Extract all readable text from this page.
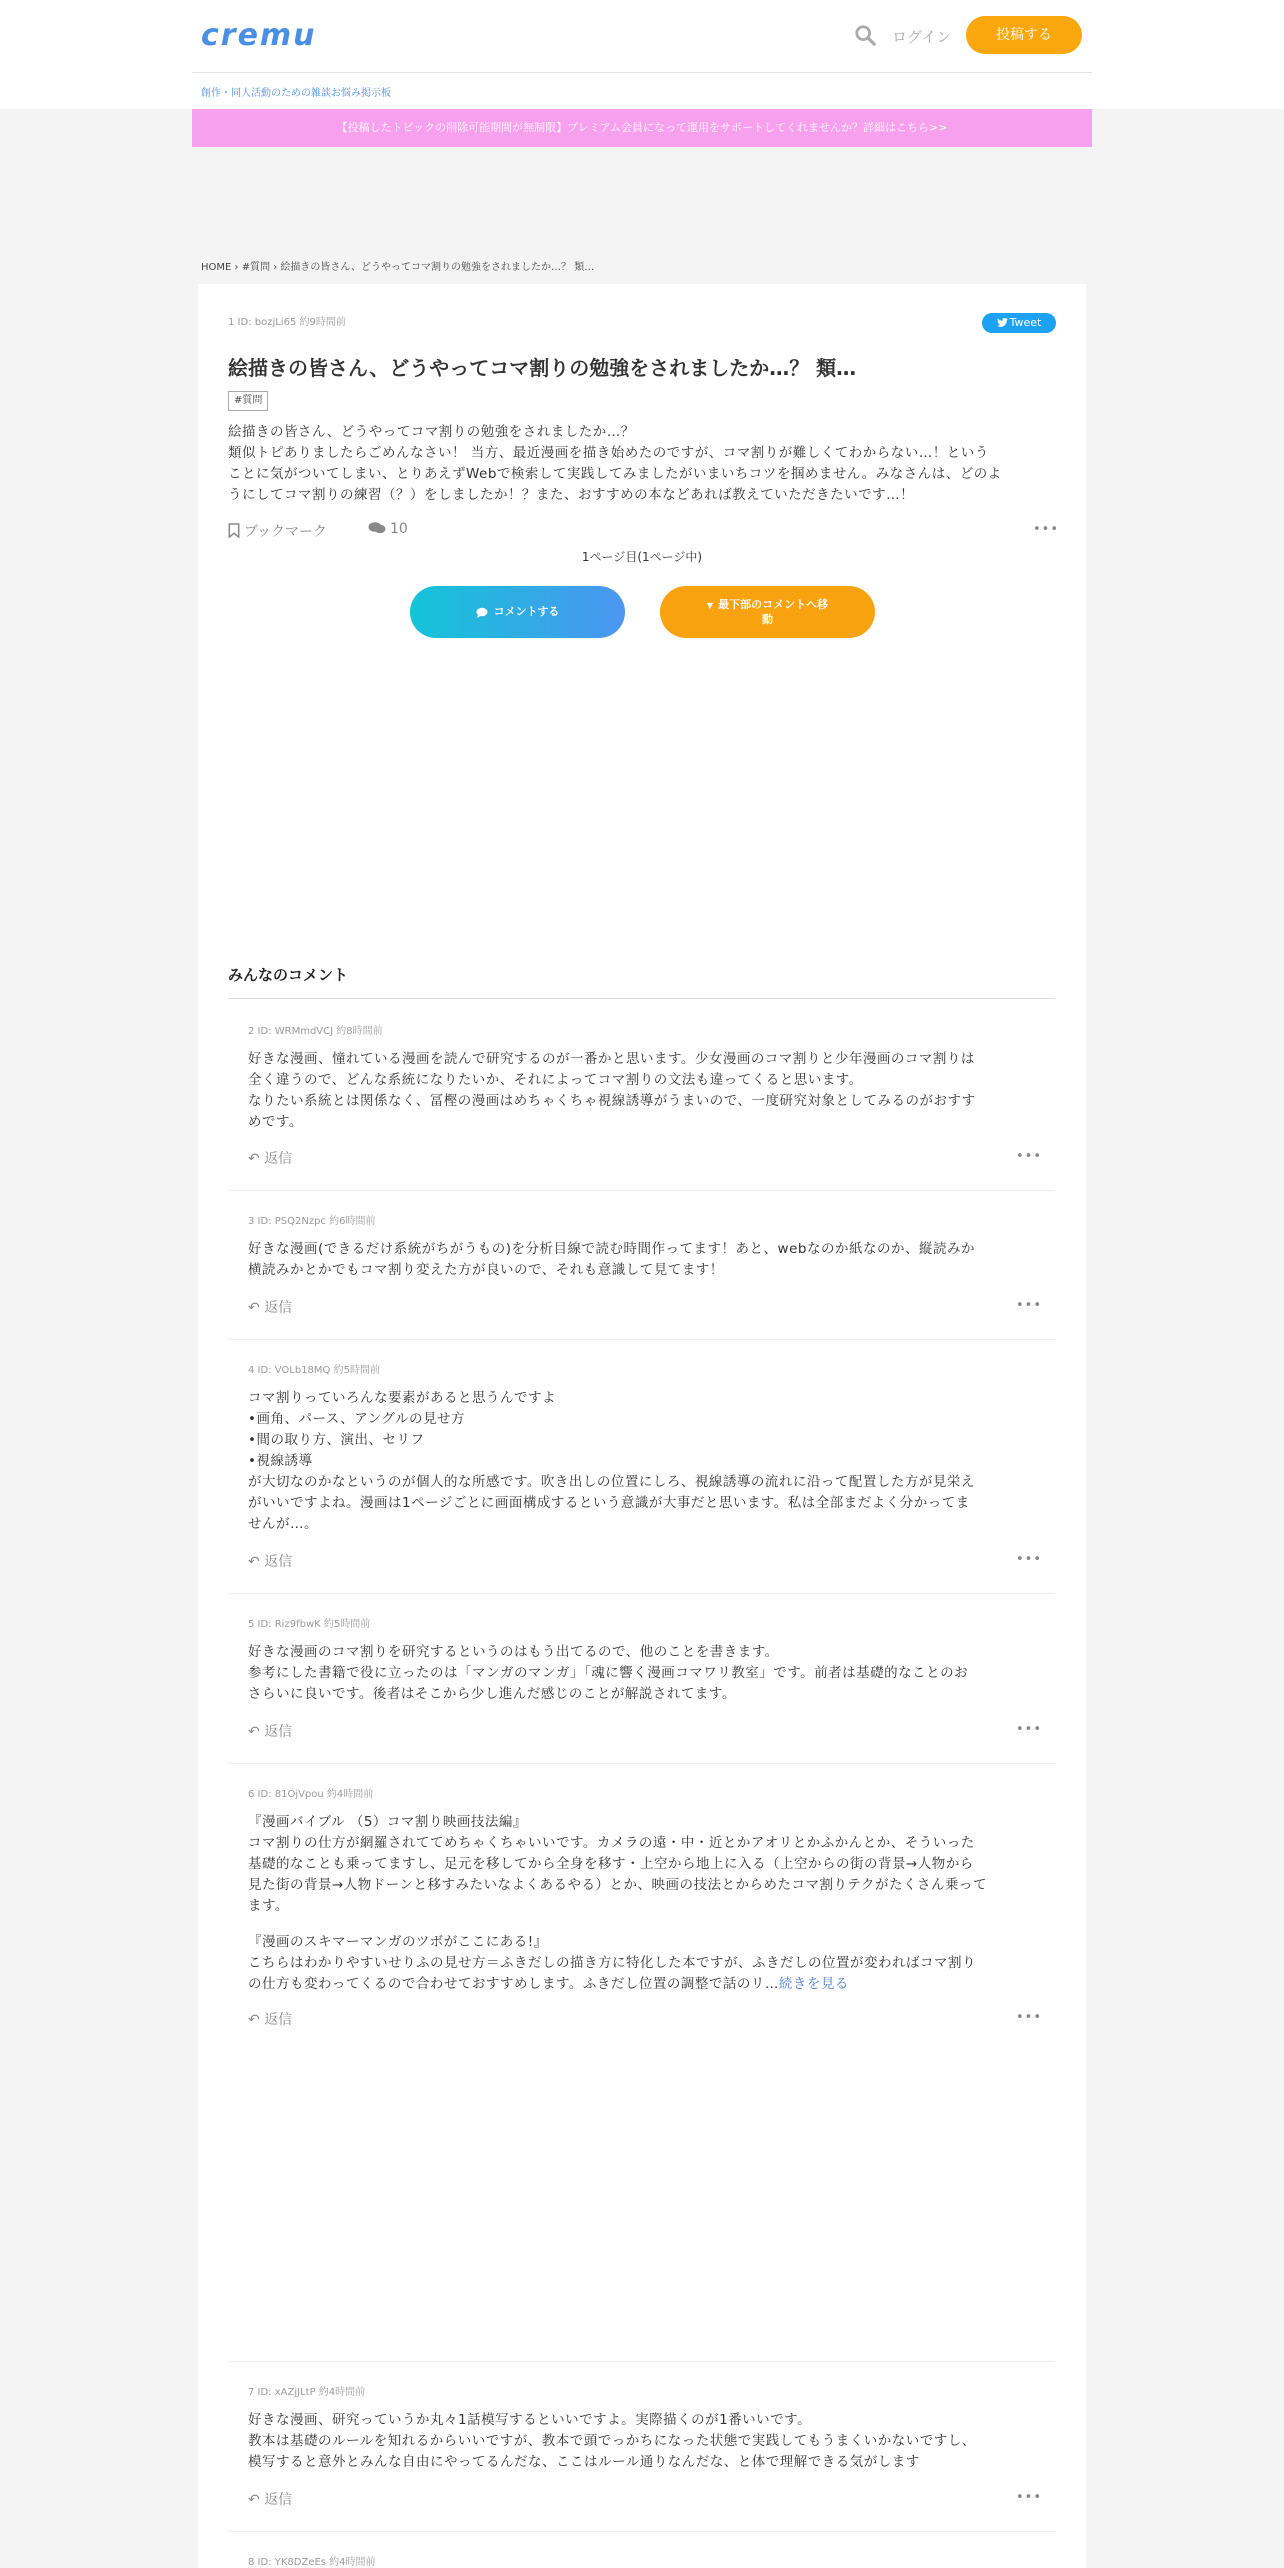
cremu	ログイン	投稿する
創作・同人活動のための雑談お悩み掲示板
【投稿したトピックの削除可能期間が無制限】プレミアム会員になって運用をサポートしてくれませんか？詳細はこちら>>
HOME › #質問 › 絵描きの皆さん、どうやってコマ割りの勉強をされましたか…？ 類…
1 ID: bozjLi65 約9時間前	Tweet
絵描きの皆さん、どうやってコマ割りの勉強をされましたか…？ 類…
#質問
絵描きの皆さん、どうやってコマ割りの勉強をされましたか…？
類似トピありましたらごめんなさい！ 当方、最近漫画を描き始めたのですが、コマ割りが難しくてわからない…！という
ことに気がついてしまい、とりあえずWebで検索して実践してみましたがいまいちコツを掴めません。みなさんは、どのよ
うにしてコマ割りの練習（？）をしましたか！？また、おすすめの本などあれば教えていただきたいです…！
ブックマーク	10	•••
1ページ目(1ページ中)
コメントする	▼ 最下部のコメントへ移
動
みんなのコメント
2 ID: WRMmdVCJ 約8時間前
好きな漫画、憧れている漫画を読んで研究するのが一番かと思います。少女漫画のコマ割りと少年漫画のコマ割りは
全く違うので、どんな系統になりたいか、それによってコマ割りの文法も違ってくると思います。
なりたい系統とは関係なく、冨樫の漫画はめちゃくちゃ視線誘導がうまいので、一度研究対象としてみるのがおすす
めです。
↶ 返信	•••
3 ID: PSQ2Nzpc 約6時間前
好きな漫画(できるだけ系統がちがうもの)を分析目線で読む時間作ってます！あと、webなのか紙なのか、縦読みか
横読みかとかでもコマ割り変えた方が良いので、それも意識して見てます！
↶ 返信	•••
4 ID: VOLb18MQ 約5時間前
コマ割りっていろんな要素があると思うんですよ
•画角、パース、アングルの見せ方
•間の取り方、演出、セリフ
•視線誘導
が大切なのかなというのが個人的な所感です。吹き出しの位置にしろ、視線誘導の流れに沿って配置した方が見栄え
がいいですよね。漫画は1ページごとに画面構成するという意識が大事だと思います。私は全部まだよく分かってま
せんが…。
↶ 返信	•••
5 ID: Riz9fbwK 約5時間前
好きな漫画のコマ割りを研究するというのはもう出てるので、他のことを書きます。
参考にした書籍で役に立ったのは「マンガのマンガ」「魂に響く漫画コマワリ教室」です。前者は基礎的なことのお
さらいに良いです。後者はそこから少し進んだ感じのことが解説されてます。
↶ 返信	•••
6 ID: 81OjVpou 約4時間前
『漫画バイブル （5）コマ割り映画技法編』
コマ割りの仕方が網羅されててめちゃくちゃいいです。カメラの遠・中・近とかアオリとかふかんとか、そういった
基礎的なことも乗ってますし、足元を移してから全身を移す・上空から地上に入る（上空からの街の背景→人物から
見た街の背景→人物ドーンと移すみたいなよくあるやる）とか、映画の技法とからめたコマ割りテクがたくさん乗って
ます。
『漫画のスキマーマンガのツボがここにある!』
こちらはわかりやすいせりふの見せ方＝ふきだしの描き方に特化した本ですが、ふきだしの位置が変わればコマ割り
の仕方も変わってくるので合わせておすすめします。ふきだし位置の調整で話のリ…続きを見る
↶ 返信	•••
7 ID: xAZjJLtP 約4時間前
好きな漫画、研究っていうか丸々1話模写するといいですよ。実際描くのが1番いいです。
教本は基礎のルールを知れるからいいですが、教本で頭でっかちになった状態で実践してもうまくいかないですし、
模写すると意外とみんな自由にやってるんだな、ここはルール通りなんだな、と体で理解できる気がします
↶ 返信	•••
8 ID: YK8DZeEs 約4時間前
